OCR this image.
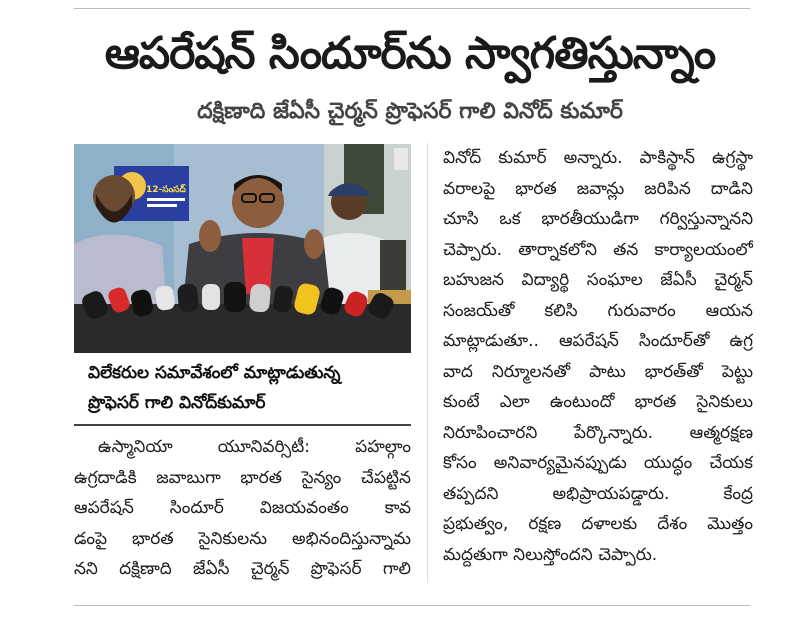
ఆపరేషన్ సిందూర్‌ను స్వాగతిస్తున్నాం
దక్షిణాది జేఏసీ చైర్మన్ ప్రొఫెసర్ గాలి వినోద్ కుమార్
12-సంసద్
విలేకరుల సమావేశంలో మాట్లాడుతున్న
ప్రొఫెసర్ గాలి వినోద్‌కుమార్
ఉస్మానియా యూనివర్సిటీ: పహల్గాం
ఉగ్రదాడికి జవాబుగా భారత సైన్యం చేపట్టిన
ఆపరేషన్ సిందూర్ విజయవంతం కావ
డంపై భారత సైనికులను అభినందిస్తున్నామ
నని దక్షిణాది జేఏసీ చైర్మన్ ప్రొఫెసర్ గాలి
వినోద్ కుమార్ అన్నారు. పాకిస్థాన్ ఉగ్రస్థా
వరాలపై భారత జవాన్లు జరిపిన దాడిని
చూసి ఒక భారతీయుడిగా గర్విస్తున్నానని
చెప్పారు. తార్నాకలోని తన కార్యాలయంలో
బహుజన విద్యార్థి సంఘాల జేఏసీ చైర్మన్
సంజయ్‌తో కలిసి గురువారం ఆయన
మాట్లాడుతూ.. ఆపరేషన్ సిందూర్‌తో ఉగ్ర
వాద నిర్మూలనతో పాటు భారత్‌తో పెట్టు
కుంటే ఎలా ఉంటుందో భారత సైనికులు
నిరూపించారని పేర్కొన్నారు. ఆత్మరక్షణ
కోసం అనివార్యమైనప్పుడు యుద్ధం చేయక
తప్పదని అభిప్రాయపడ్డారు. కేంద్ర
ప్రభుత్వం, రక్షణ దళాలకు దేశం మొత్తం
మద్దతుగా నిలుస్తోందని చెప్పారు.
